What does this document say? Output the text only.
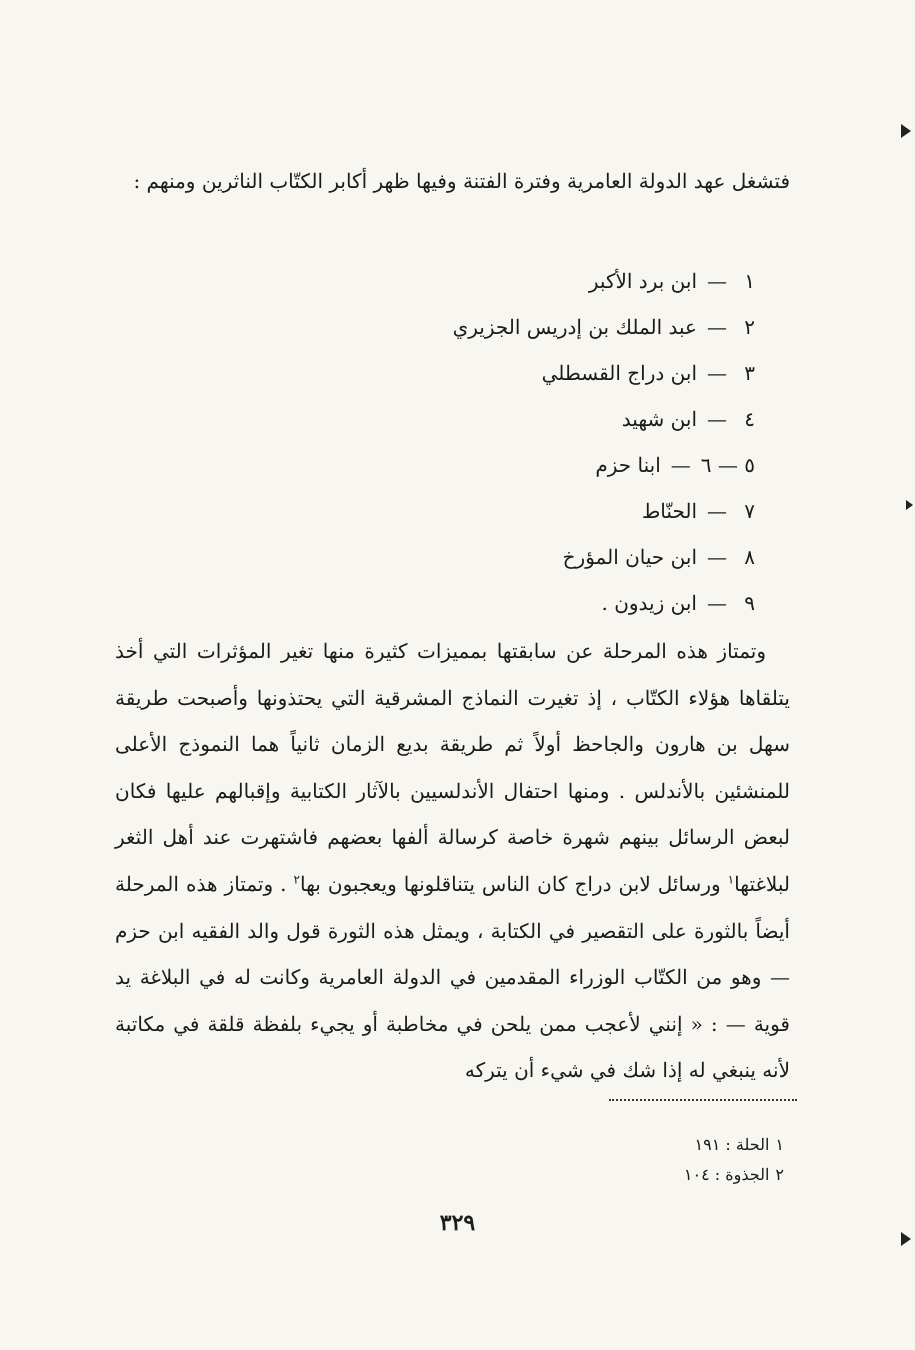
فتشغل عهد الدولة العامرية وفترة الفتنة وفيها ظهر أكابر الكتّاب الناثرين ومنهم :

١—ابن برد الأكبر
٢—عبد الملك بن إدريس الجزيري
٣—ابن دراج القسطلي
٤—ابن شهيد
٥ — ٦—ابنا حزم
٧—الحنّاط
٨—ابن حيان المؤرخ
٩—ابن زيدون .

وتمتاز هذه المرحلة عن سابقتها بمميزات كثيرة منها تغير المؤثرات التي أخذ يتلقاها هؤلاء الكتّاب ، إذ تغيرت النماذج المشرقية التي يحتذونها وأصبحت طريقة سهل بن هارون والجاحظ أولاً ثم طريقة بديع الزمان ثانياً هما النموذج الأعلى للمنشئين بالأندلس . ومنها احتفال الأندلسيين بالآثار الكتابية وإقبالهم عليها فكان لبعض الرسائل بينهم شهرة خاصة كرسالة ألفها بعضهم فاشتهرت عند أهل الثغر لبلاغتها$^١$ ورسائل لابن دراج كان الناس يتناقلونها ويعجبون بها$^٢$ . وتمتاز هذه المرحلة أيضاً بالثورة على التقصير في الكتابة ، ويمثل هذه الثورة قول والد الفقيه ابن حزم — وهو من الكتّاب الوزراء المقدمين في الدولة العامرية وكانت له في البلاغة يد قوية — : « إنني لأعجب ممن يلحن في مخاطبة أو يجيء بلفظة قلقة في مكاتبة لأنه ينبغي له إذا شك في شيء أن يتركه

١الحلة : ١٩١
٢الجذوة : ١٠٤
٣٢٩
